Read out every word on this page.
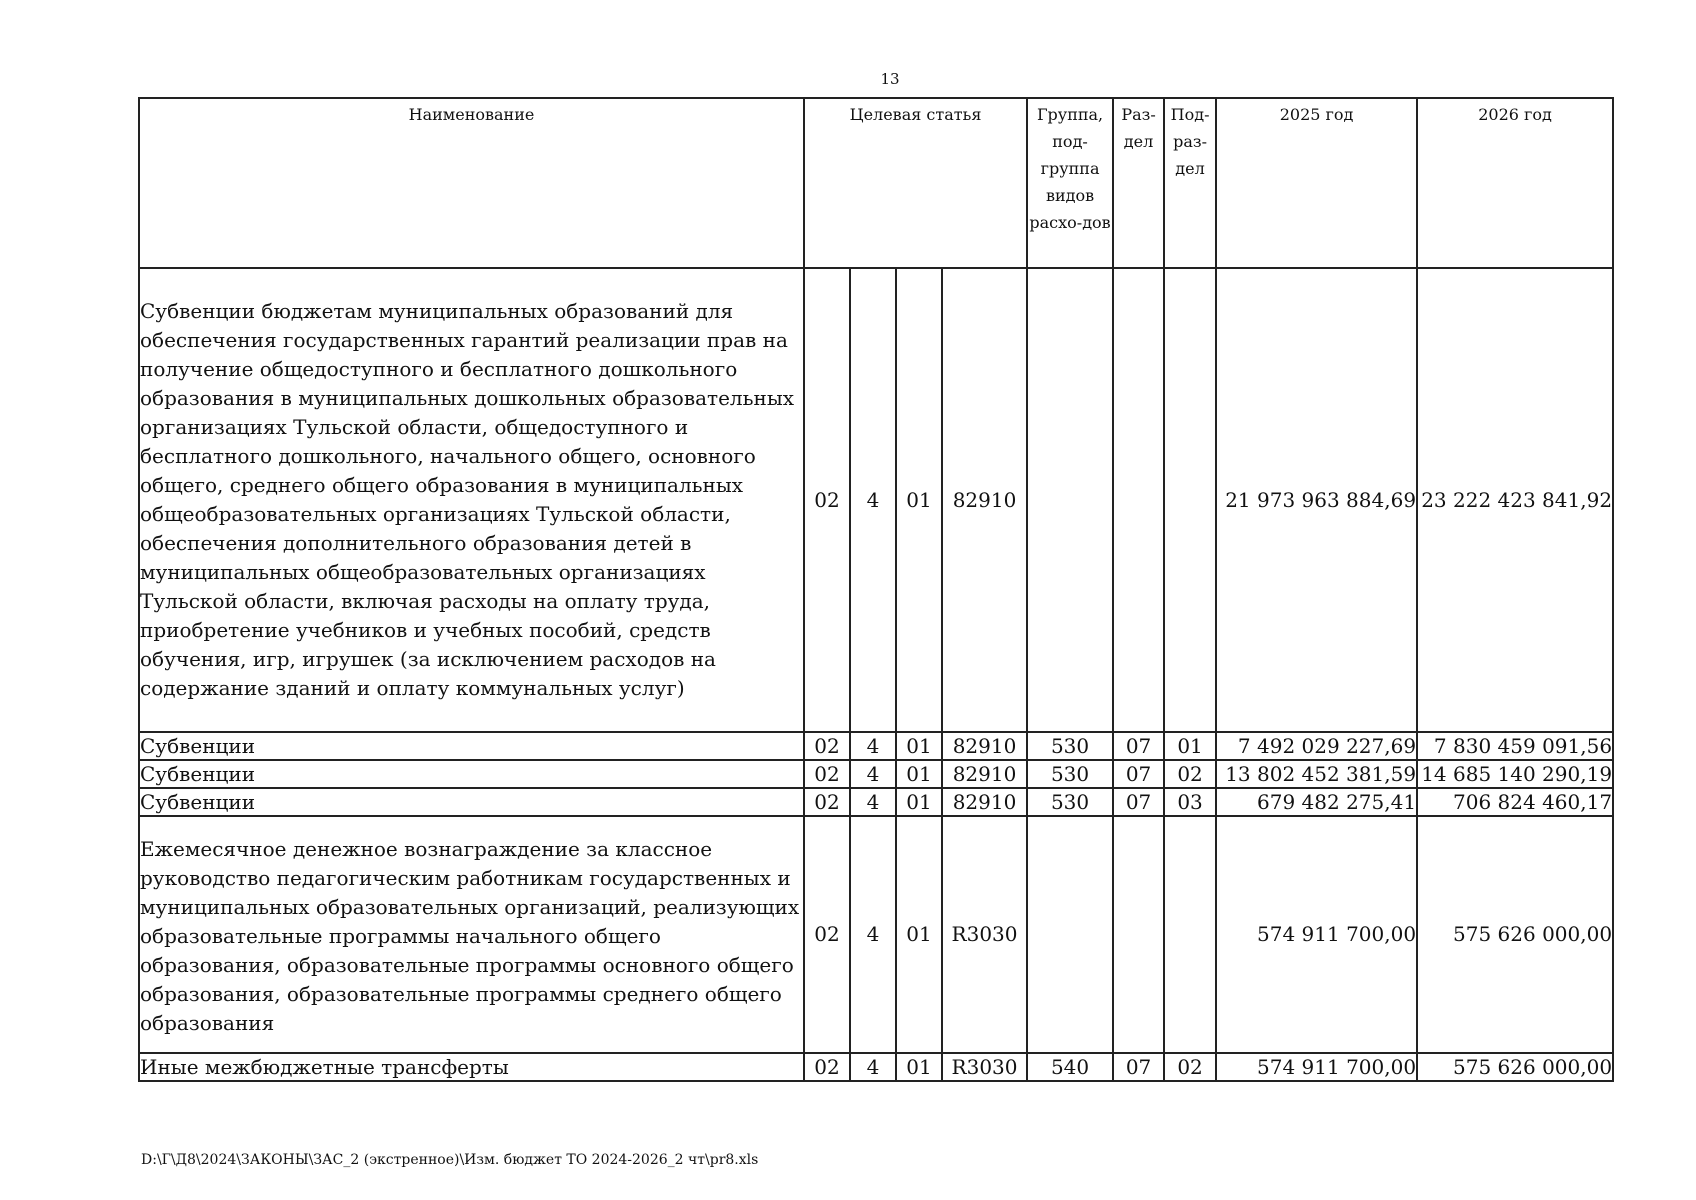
13
Наименование	Целевая статья				Группа, под-группа видов расхо-дов	Раз-дел	Под-раз-дел	2025 год	2026 год
Субвенции бюджетам муниципальных образований для обеспечения государственных гарантий реализации прав на получение общедоступного и бесплатного дошкольного образования в муниципальных дошкольных образовательных организациях Тульской области, общедоступного и бесплатного дошкольного, начального общего, основного общего, среднего общего образования в муниципальных общеобразовательных организациях Тульской области, обеспечения дополнительного образования детей в муниципальных общеобразовательных организациях Тульской области, включая расходы на оплату труда, приобретение учебников и учебных пособий, средств обучения, игр, игрушек (за исключением расходов на содержание зданий и оплату коммунальных услуг)	02	4	01	82910				21 973 963 884,69	23 222 423 841,92
Субвенции	02	4	01	82910	530	07	01	7 492 029 227,69	7 830 459 091,56
Субвенции	02	4	01	82910	530	07	02	13 802 452 381,59	14 685 140 290,19
Субвенции	02	4	01	82910	530	07	03	679 482 275,41	706 824 460,17
Ежемесячное денежное вознаграждение за классное руководство педагогическим работникам государственных и муниципальных образовательных организаций, реализующих образовательные программы начального общего образования, образовательные программы основного общего образования, образовательные программы среднего общего образования	02	4	01	R3030				574 911 700,00	575 626 000,00
Иные межбюджетные трансферты	02	4	01	R3030	540	07	02	574 911 700,00	575 626 000,00
D:\Г\Д8\2024\ЗАКОНЫ\ЗАС_2 (экстренное)\Изм. бюджет ТО 2024-2026_2 чт\pr8.xls
